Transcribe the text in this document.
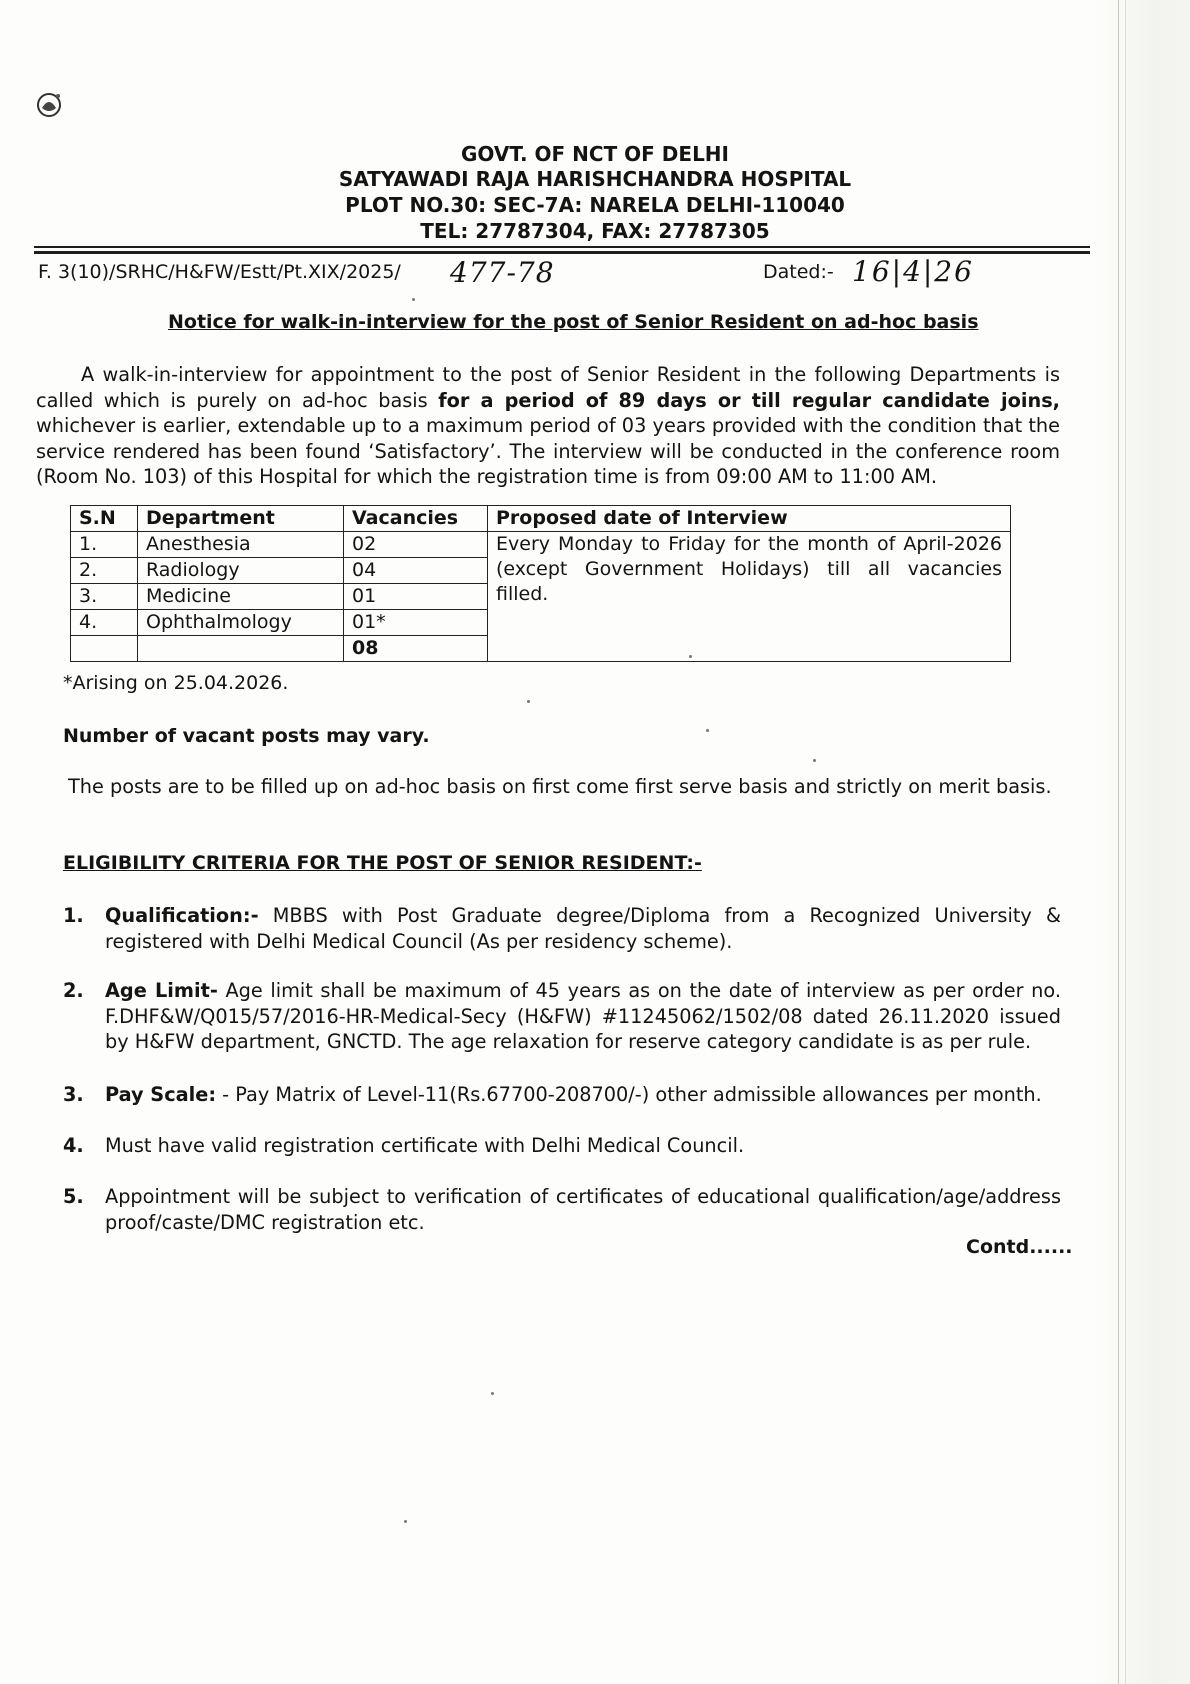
GOVT. OF NCT OF DELHI
SATYAWADI RAJA HARISHCHANDRA HOSPITAL
PLOT NO.30: SEC-7A: NARELA DELHI-110040
TEL: 27787304, FAX: 27787305
F. 3(10)/SRHC/H&FW/Estt/Pt.XIX/2025/ 477-78	Dated:- 16|4|26
Notice for walk-in-interview for the post of Senior Resident on ad-hoc basis
A walk-in-interview for appointment to the post of Senior Resident in the following Departments is called which is purely on ad-hoc basis for a period of 89 days or till regular candidate joins, whichever is earlier, extendable up to a maximum period of 03 years provided with the condition that the service rendered has been found ‘Satisfactory’. The interview will be conducted in the conference room (Room No. 103) of this Hospital for which the registration time is from 09:00 AM to 11:00 AM.
S.N	Department	Vacancies	Proposed date of Interview
1.	Anesthesia	02	Every Monday to Friday for the month of April-2026 (except Government Holidays) till all vacancies filled.
2.	Radiology	04	
3.	Medicine	01	
4.	Ophthalmology	01*	
		08	
*Arising on 25.04.2026.
Number of vacant posts may vary.
The posts are to be filled up on ad-hoc basis on first come first serve basis and strictly on merit basis.
ELIGIBILITY CRITERIA FOR THE POST OF SENIOR RESIDENT:-
1. Qualification:- MBBS with Post Graduate degree/Diploma from a Recognized University & registered with Delhi Medical Council (As per residency scheme).
2. Age Limit- Age limit shall be maximum of 45 years as on the date of interview as per order no. F.DHF&W/Q015/57/2016-HR-Medical-Secy (H&FW) #11245062/1502/08 dated 26.11.2020 issued by H&FW department, GNCTD. The age relaxation for reserve category candidate is as per rule.
3. Pay Scale: - Pay Matrix of Level-11(Rs.67700-208700/-) other admissible allowances per month.
4. Must have valid registration certificate with Delhi Medical Council.
5. Appointment will be subject to verification of certificates of educational qualification/age/address proof/caste/DMC registration etc.
Contd......
